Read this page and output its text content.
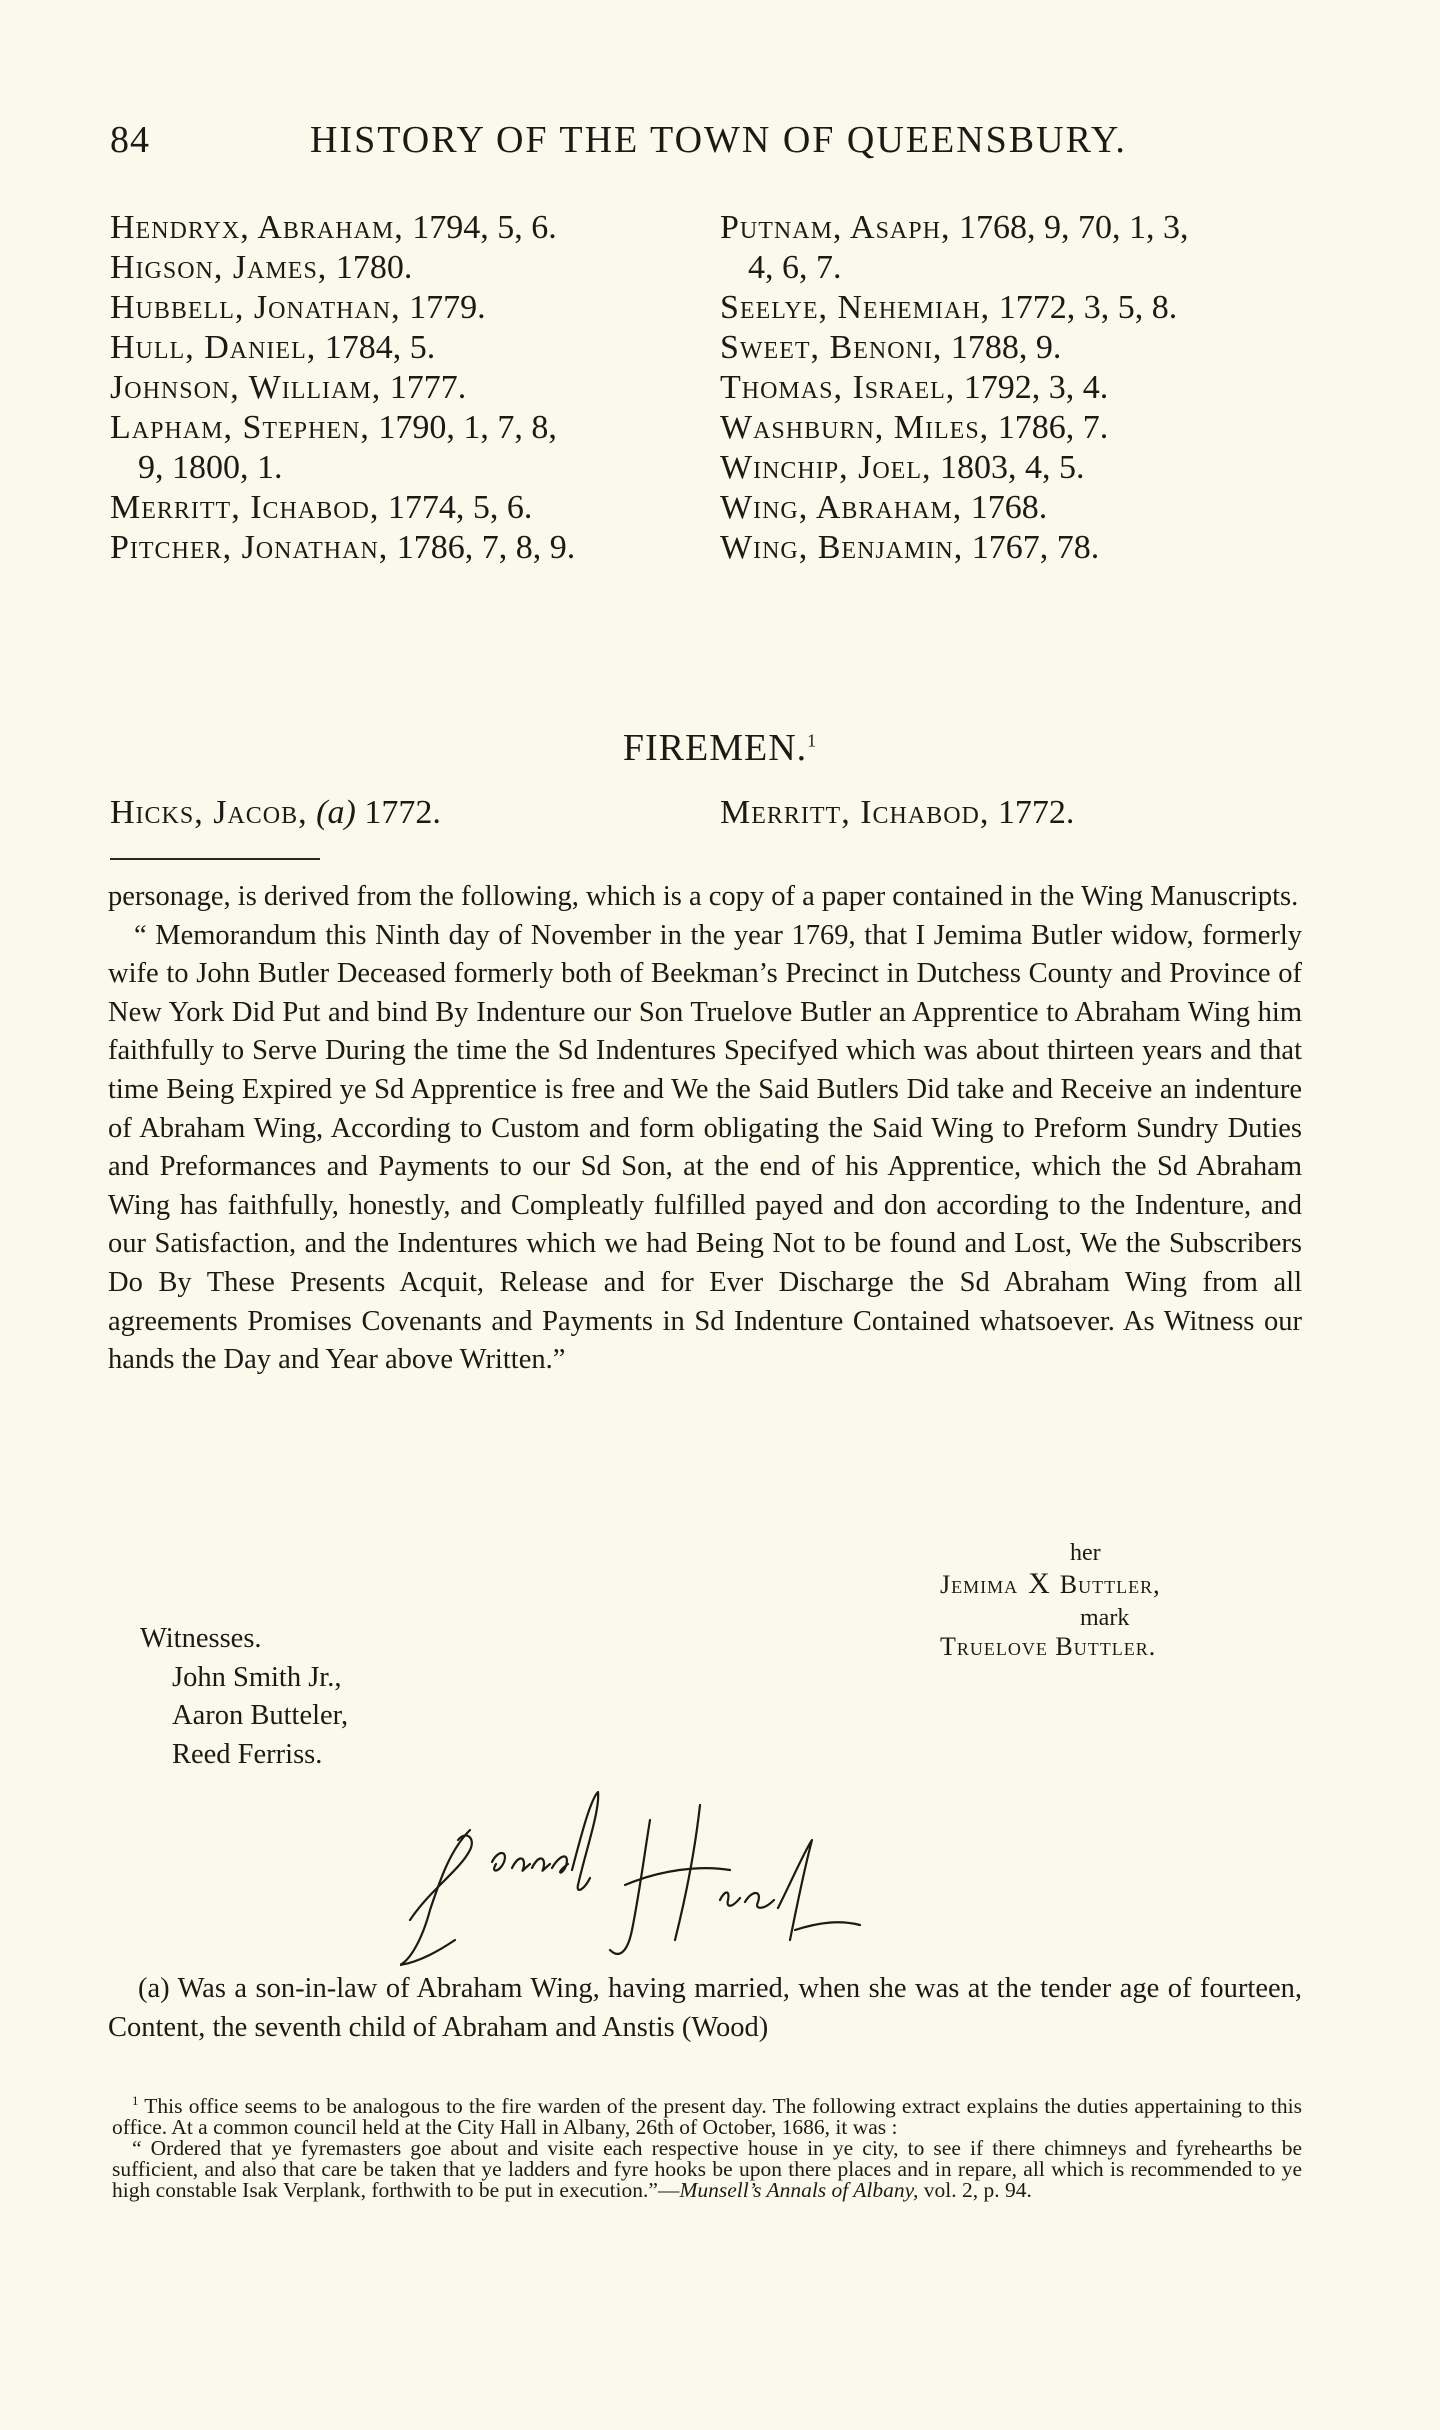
84	HISTORY OF THE TOWN OF QUEENSBURY.

Hendryx, Abraham, 1794, 5, 6.

Higson, James, 1780.

Hubbell, Jonathan, 1779.

Hull, Daniel, 1784, 5.

Johnson, William, 1777.

Lapham, Stephen, 1790, 1, 7, 8,

9, 1800, 1.

Merritt, Ichabod, 1774, 5, 6.

Pitcher, Jonathan, 1786, 7, 8, 9.

Putnam, Asaph, 1768, 9, 70, 1, 3,

4, 6, 7.

Seelye, Nehemiah, 1772, 3, 5, 8.

Sweet, Benoni, 1788, 9.

Thomas, Israel, 1792, 3, 4.

Washburn, Miles, 1786, 7.

Winchip, Joel, 1803, 4, 5.

Wing, Abraham, 1768.

Wing, Benjamin, 1767, 78.

FIREMEN.$^1$
Hicks, Jacob, (a) 1772.	Merritt, Ichabod, 1772.

personage, is derived from the following, which is a copy of a paper contained in the Wing Manuscripts.

“ Memorandum this Ninth day of November in the year 1769, that I Jemima Butler widow, formerly wife to John Butler Deceased formerly both of Beekman’s Precinct in Dutchess County and Province of New York Did Put and bind By Indenture our Son Truelove Butler an Apprentice to Abraham Wing him faithfully to Serve During the time the Sd Indentures Specifyed which was about thirteen years and that time Being Expired ye Sd Apprentice is free and We the Said Butlers Did take and Receive an indenture of Abraham Wing, According to Custom and form obligating the Said Wing to Preform Sundry Duties and Preformances and Payments to our Sd Son, at the end of his Apprentice, which the Sd Abraham Wing has faithfully, honestly, and Compleatly fulfilled payed and don according to the Indenture, and our Satisfaction, and the Indentures which we had Being Not to be found and Lost, We the Subscribers Do By These Presents Acquit, Release and for Ever Discharge the Sd Abraham Wing from all agreements Promises Covenants and Payments in Sd Indenture Contained whatsoever. As Witness our hands the Day and Year above Written.”

her
Jemima X Buttler,
mark
Truelove Buttler.

Witnesses.

John Smith Jr.,

Aaron Butteler,

Reed Ferriss.

(a) Was a son-in-law of Abraham Wing, having married, when she was at the tender age of fourteen, Content, the seventh child of Abraham and Anstis (Wood)

$^1$ This office seems to be analogous to the fire warden of the present day. The following extract explains the duties appertaining to this office. At a common council held at the City Hall in Albany, 26th of October, 1686, it was :

“ Ordered that ye fyremasters goe about and visite each respective house in ye city, to see if there chimneys and fyrehearths be sufficient, and also that care be taken that ye ladders and fyre hooks be upon there places and in repare, all which is recommended to ye high constable Isak Verplank, forthwith to be put in execution.”—Munsell’s Annals of Albany, vol. 2, p. 94.
